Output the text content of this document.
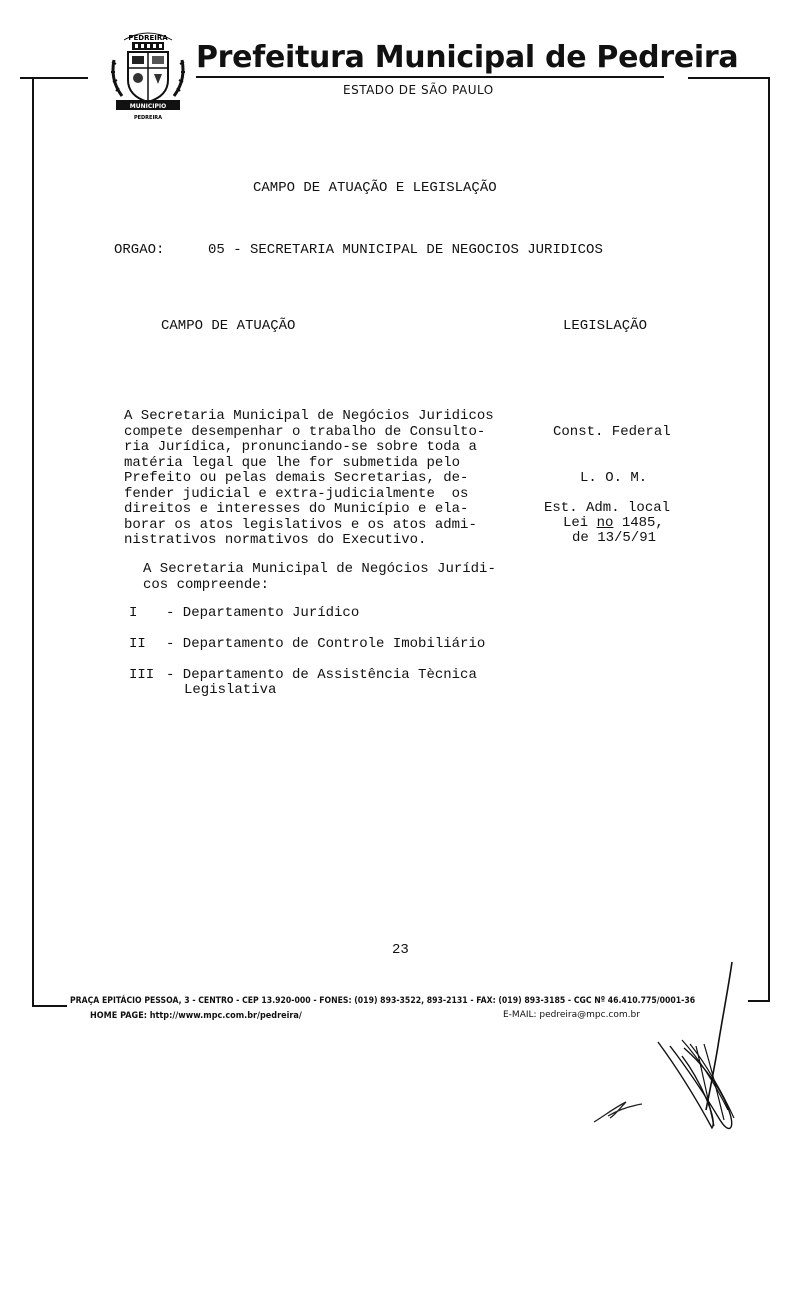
PEDREIRA
MUNICIPIO
PEDREIRA
Prefeitura Municipal de Pedreira
ESTADO DE SÃO PAULO
CAMPO DE ATUAÇÃO E LEGISLAÇÃO
ORGAO:	05 - SECRETARIA MUNICIPAL DE NEGOCIOS JURIDICOS
CAMPO DE ATUAÇÃO	LEGISLAÇÃO
A Secretaria Municipal de Negócios Juridicos
compete desempenhar o trabalho de Consulto-
ria Jurídica, pronunciando-se sobre toda a
matéria legal que lhe for submetida pelo
Prefeito ou pelas demais Secretarias, de-
fender judicial e extra-judicialmente  os
direitos e interesses do Município e ela-
borar os atos legislativos e os atos admi-
nistrativos normativos do Executivo.
Const. Federal
L. O. M.
Est. Adm. local
Lei no 1485,
de 13/5/91
A Secretaria Municipal de Negócios Jurídi-
cos compreende:
I - Departamento Jurídico
II - Departamento de Controle Imobiliário
III - Departamento de Assistência Tècnica
Legislativa
23
PRAÇA EPITÁCIO PESSOA, 3 - CENTRO - CEP 13.920-000 - FONES: (019) 893-3522, 893-2131 - FAX: (019) 893-3185 - CGC Nº 46.410.775/0001-36
HOME PAGE: http://www.mpc.com.br/pedreira/	E-MAIL: pedreira@mpc.com.br
